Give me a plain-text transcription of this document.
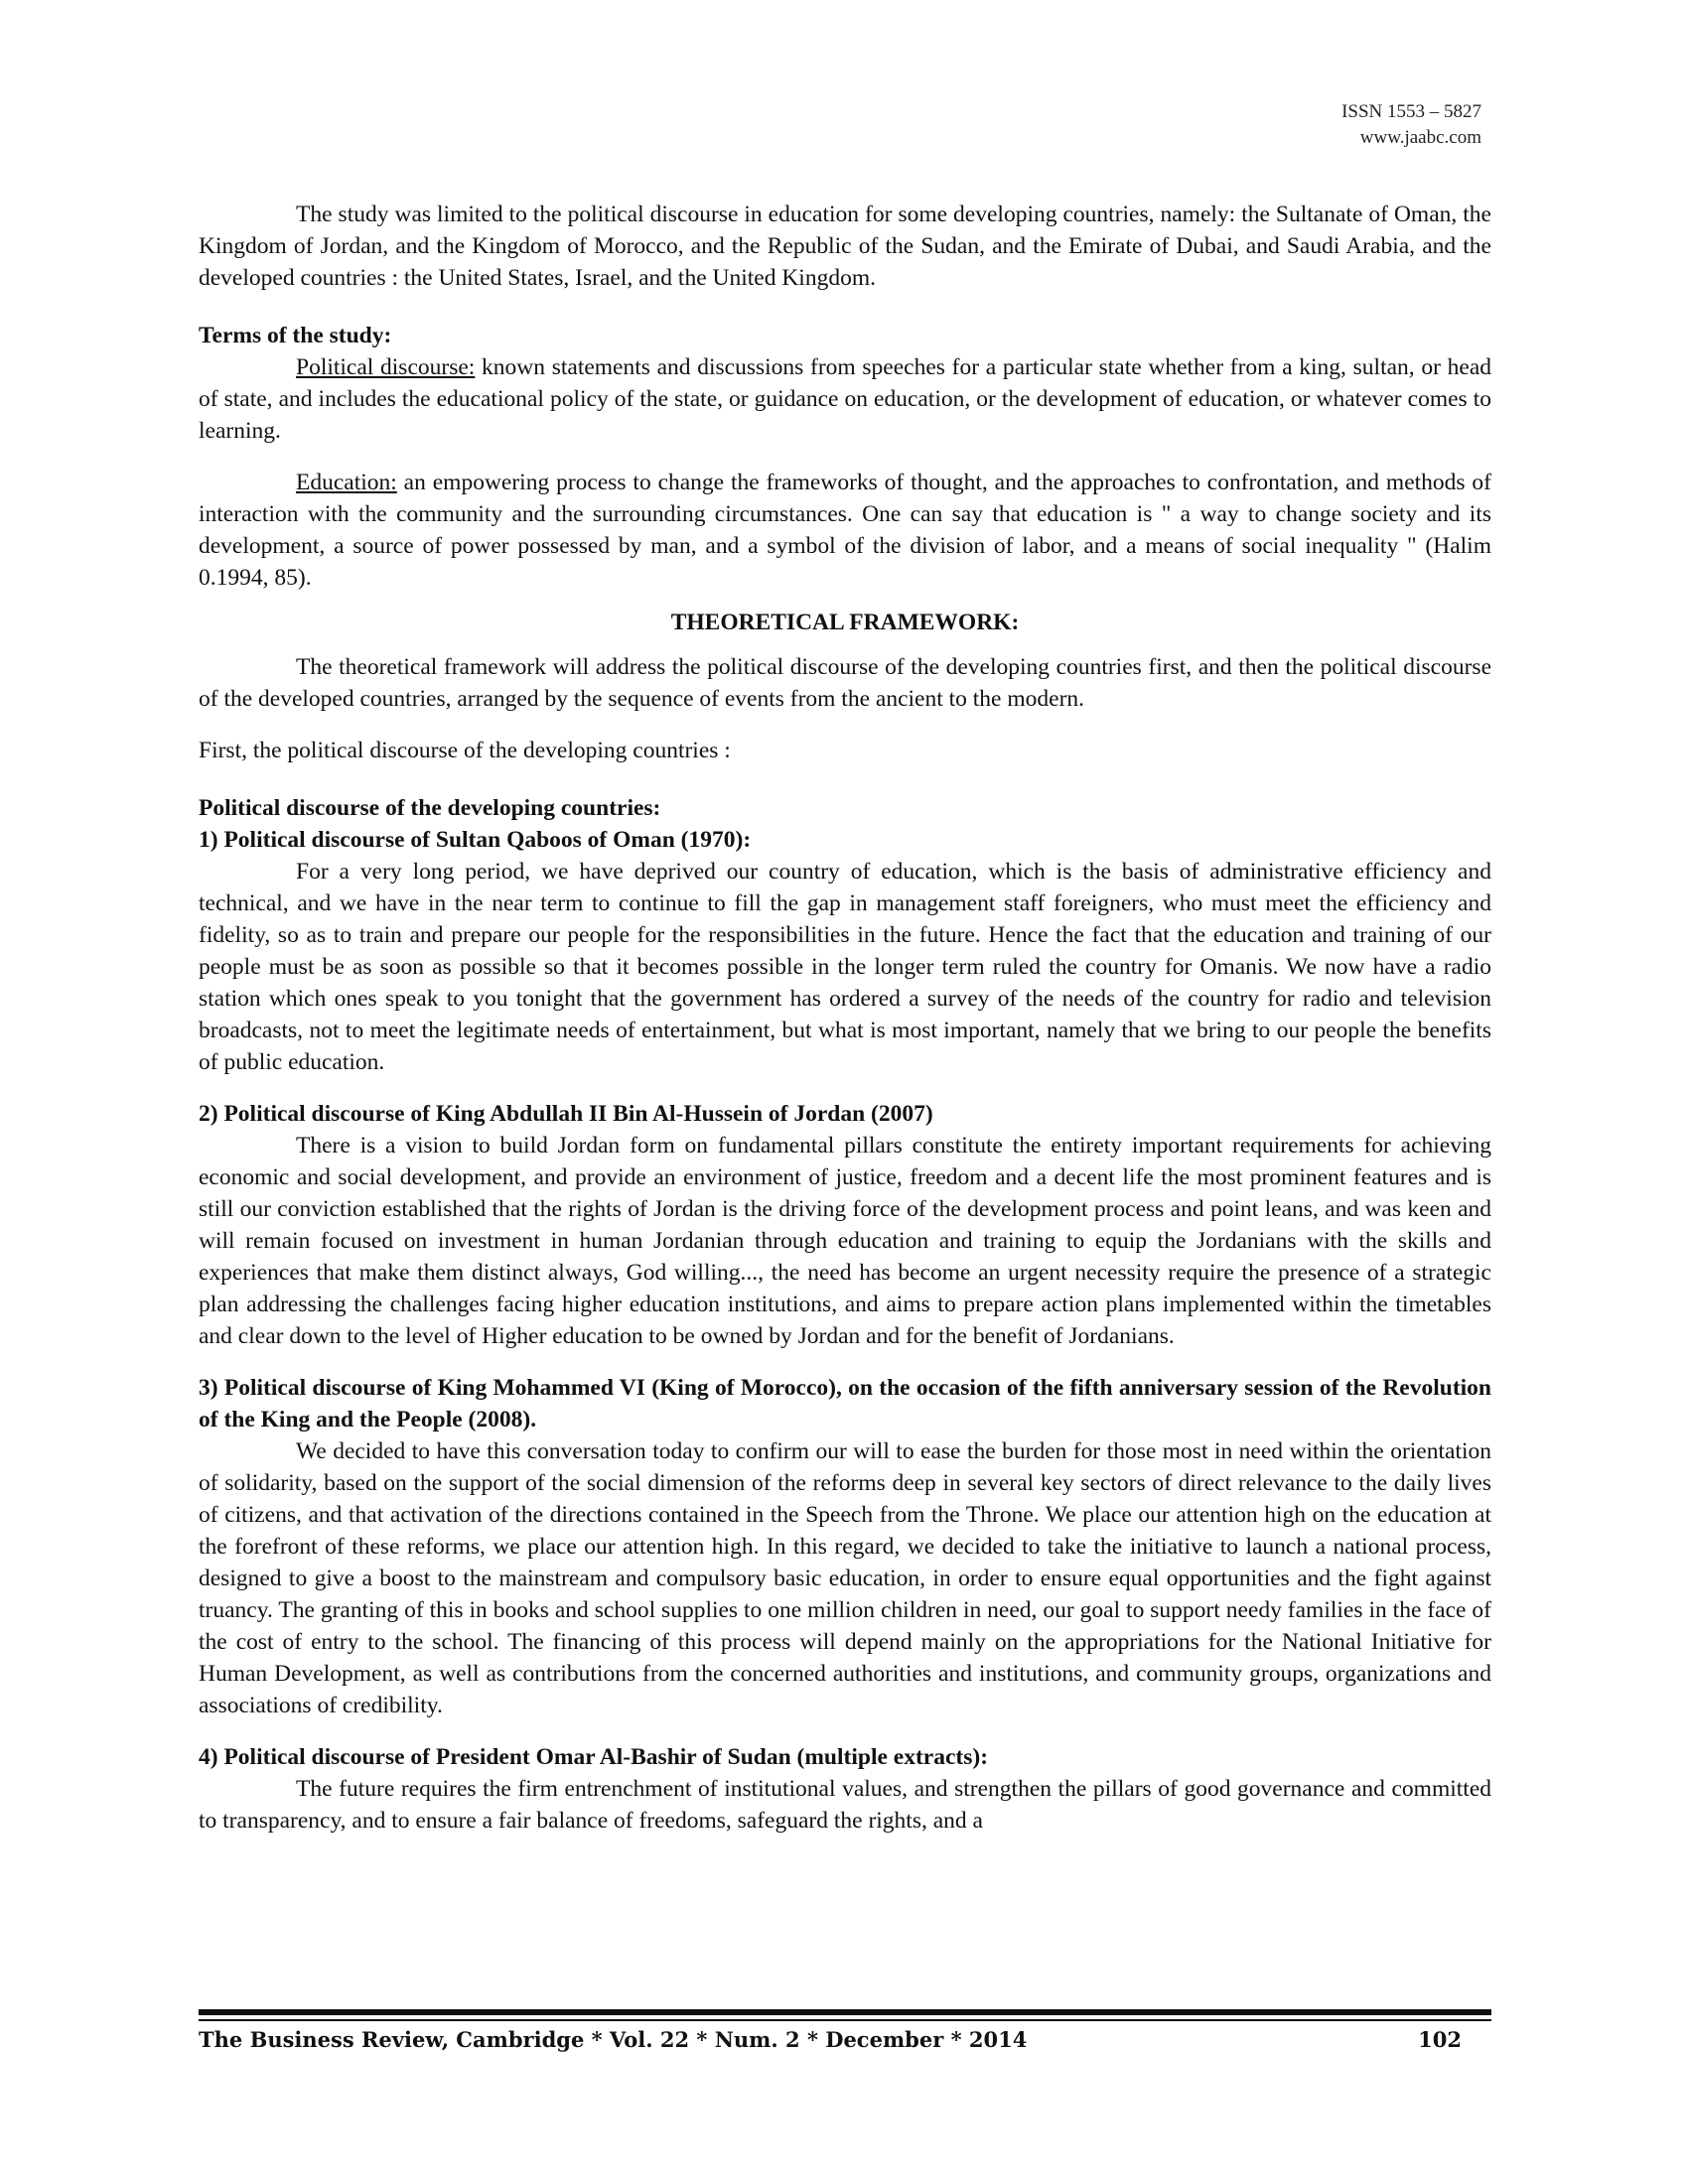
ISSN 1553 – 5827
www.jaabc.com

The study was limited to the political discourse in education for some developing countries, namely: the Sultanate of Oman, the Kingdom of Jordan, and the Kingdom of Morocco, and the Republic of the Sudan, and the Emirate of Dubai, and Saudi Arabia, and the developed countries : the United States, Israel, and the United Kingdom.

Terms of the study:

Political discourse: known statements and discussions from speeches for a particular state whether from a king, sultan, or head of state, and includes the educational policy of the state, or guidance on education, or the development of education, or whatever comes to learning.

Education: an empowering process to change the frameworks of thought, and the approaches to confrontation, and methods of interaction with the community and the surrounding circumstances. One can say that education is " a way to change society and its development, a source of power possessed by man, and a symbol of the division of labor, and a means of social inequality " (Halim 0.1994, 85).

THEORETICAL FRAMEWORK:

The theoretical framework will address the political discourse of the developing countries first, and then the political discourse of the developed countries, arranged by the sequence of events from the ancient to the modern.

First, the political discourse of the developing countries :

Political discourse of the developing countries:

1) Political discourse of Sultan Qaboos of Oman (1970):

For a very long period, we have deprived our country of education, which is the basis of administrative efficiency and technical, and we have in the near term to continue to fill the gap in management staff foreigners, who must meet the efficiency and fidelity, so as to train and prepare our people for the responsibilities in the future. Hence the fact that the education and training of our people must be as soon as possible so that it becomes possible in the longer term ruled the country for Omanis. We now have a radio station which ones speak to you tonight that the government has ordered a survey of the needs of the country for radio and television broadcasts, not to meet the legitimate needs of entertainment, but what is most important, namely that we bring to our people the benefits of public education.

2) Political discourse of King Abdullah II Bin Al-Hussein of Jordan (2007)

There is a vision to build Jordan form on fundamental pillars constitute the entirety important requirements for achieving economic and social development, and provide an environment of justice, freedom and a decent life the most prominent features and is still our conviction established that the rights of Jordan is the driving force of the development process and point leans, and was keen and will remain focused on investment in human Jordanian through education and training to equip the Jordanians with the skills and experiences that make them distinct always, God willing..., the need has become an urgent necessity require the presence of a strategic plan addressing the challenges facing higher education institutions, and aims to prepare action plans implemented within the timetables and clear down to the level of Higher education to be owned by Jordan and for the benefit of Jordanians.

3) Political discourse of King Mohammed VI (King of Morocco), on the occasion of the fifth anniversary session of the Revolution of the King and the People (2008).

We decided to have this conversation today to confirm our will to ease the burden for those most in need within the orientation of solidarity, based on the support of the social dimension of the reforms deep in several key sectors of direct relevance to the daily lives of citizens, and that activation of the directions contained in the Speech from the Throne. We place our attention high on the education at the forefront of these reforms, we place our attention high. In this regard, we decided to take the initiative to launch a national process, designed to give a boost to the mainstream and compulsory basic education, in order to ensure equal opportunities and the fight against truancy. The granting of this in books and school supplies to one million children in need, our goal to support needy families in the face of the cost of entry to the school. The financing of this process will depend mainly on the appropriations for the National Initiative for Human Development, as well as contributions from the concerned authorities and institutions, and community groups, organizations and associations of credibility.

4) Political discourse of President Omar Al-Bashir of Sudan (multiple extracts):

The future requires the firm entrenchment of institutional values, and strengthen the pillars of good governance and committed to transparency, and to ensure a fair balance of freedoms, safeguard the rights, and a

The Business Review, Cambridge * Vol. 22 * Num. 2 * December * 2014	102
